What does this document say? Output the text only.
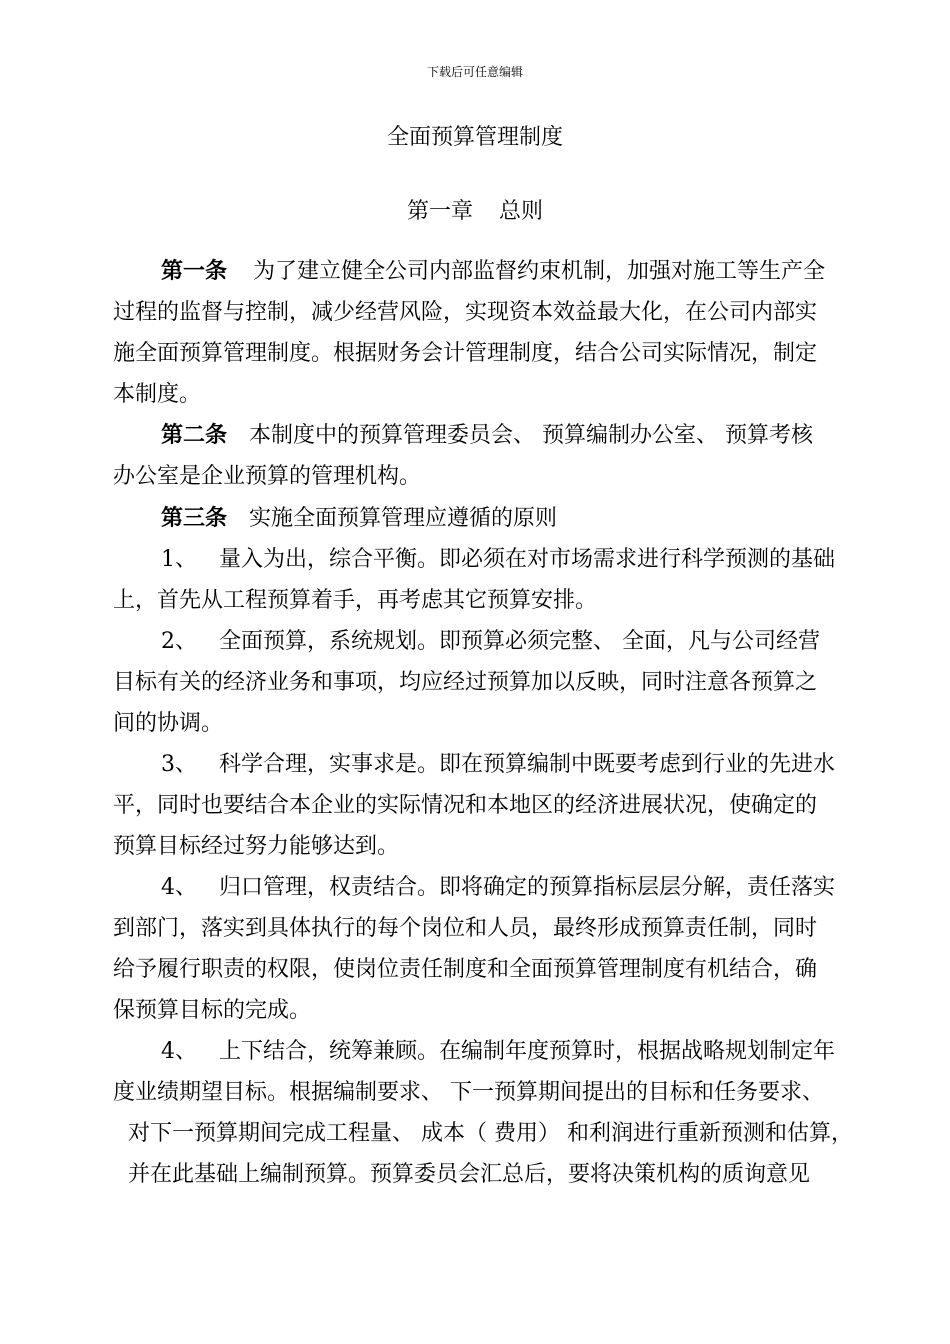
下载后可任意编辑
全面预算管理制度
第一章 总则
第一条 为了建立健全公司内部监督约束机制，加强对施工等生产全
过程的监督与控制，减少经营风险，实现资本效益最大化，在公司内部实
施全面预算管理制度。根据财务会计管理制度，结合公司实际情况，制定
本制度。
第二条 本制度中的预算管理委员会、 预算编制办公室、 预算考核
办公室是企业预算的管理机构。
第三条 实施全面预算管理应遵循的原则
1、 量入为出，综合平衡。即必须在对市场需求进行科学预测的基础
上，首先从工程预算着手，再考虑其它预算安排。
2、 全面预算，系统规划。即预算必须完整、 全面，凡与公司经营
目标有关的经济业务和事项，均应经过预算加以反映，同时注意各预算之
间的协调。
3、 科学合理，实事求是。即在预算编制中既要考虑到行业的先进水
平，同时也要结合本企业的实际情况和本地区的经济进展状况，使确定的
预算目标经过努力能够达到。
4、 归口管理，权责结合。即将确定的预算指标层层分解，责任落实
到部门，落实到具体执行的每个岗位和人员，最终形成预算责任制，同时
给予履行职责的权限，使岗位责任制度和全面预算管理制度有机结合，确
保预算目标的完成。
4、 上下结合，统筹兼顾。在编制年度预算时，根据战略规划制定年
度业绩期望目标。根据编制要求、 下一预算期间提出的目标和任务要求、
对下一预算期间完成工程量、 成本（ 费用） 和利润进行重新预测和估算，
并在此基础上编制预算。预算委员会汇总后，要将决策机构的质询意见
